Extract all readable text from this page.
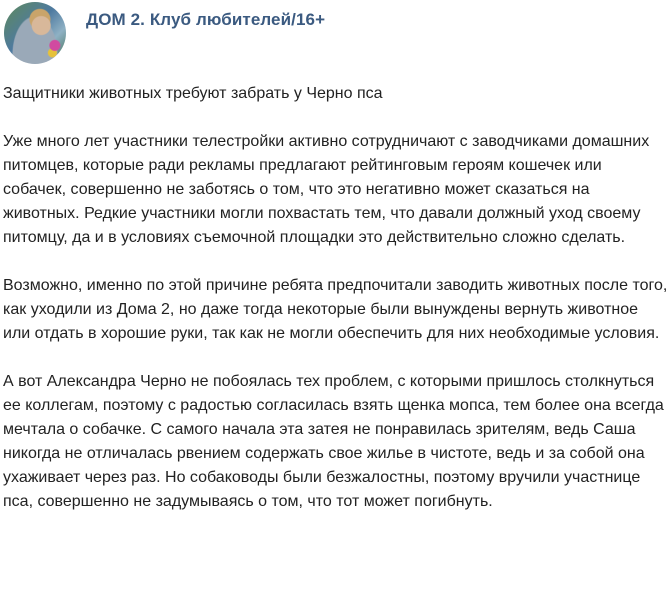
ДОМ 2. Клуб любителей/16+

Защитники животных требуют забрать у Черно пса

Уже много лет участники телестройки активно сотрудничают с заводчиками домашних питомцев, которые ради рекламы предлагают рейтинговым героям кошечек или собачек, совершенно не заботясь о том, что это негативно может сказаться на животных. Редкие участники могли похвастать тем, что давали должный уход своему питомцу, да и в условиях съемочной площадки это действительно сложно сделать.

Возможно, именно по этой причине ребята предпочитали заводить животных после того, как уходили из Дома 2, но даже тогда некоторые были вынуждены вернуть животное или отдать в хорошие руки, так как не могли обеспечить для них необходимые условия.

А вот Александра Черно не побоялась тех проблем, с которыми пришлось столкнуться ее коллегам, поэтому с радостью согласилась взять щенка мопса, тем более она всегда мечтала о собачке. С самого начала эта затея не понравилась зрителям, ведь Саша никогда не отличалась рвением содержать свое жилье в чистоте, ведь и за собой она ухаживает через раз. Но собаководы были безжалостны, поэтому вручили участнице пса, совершенно не задумываясь о том, что тот может погибнуть.
